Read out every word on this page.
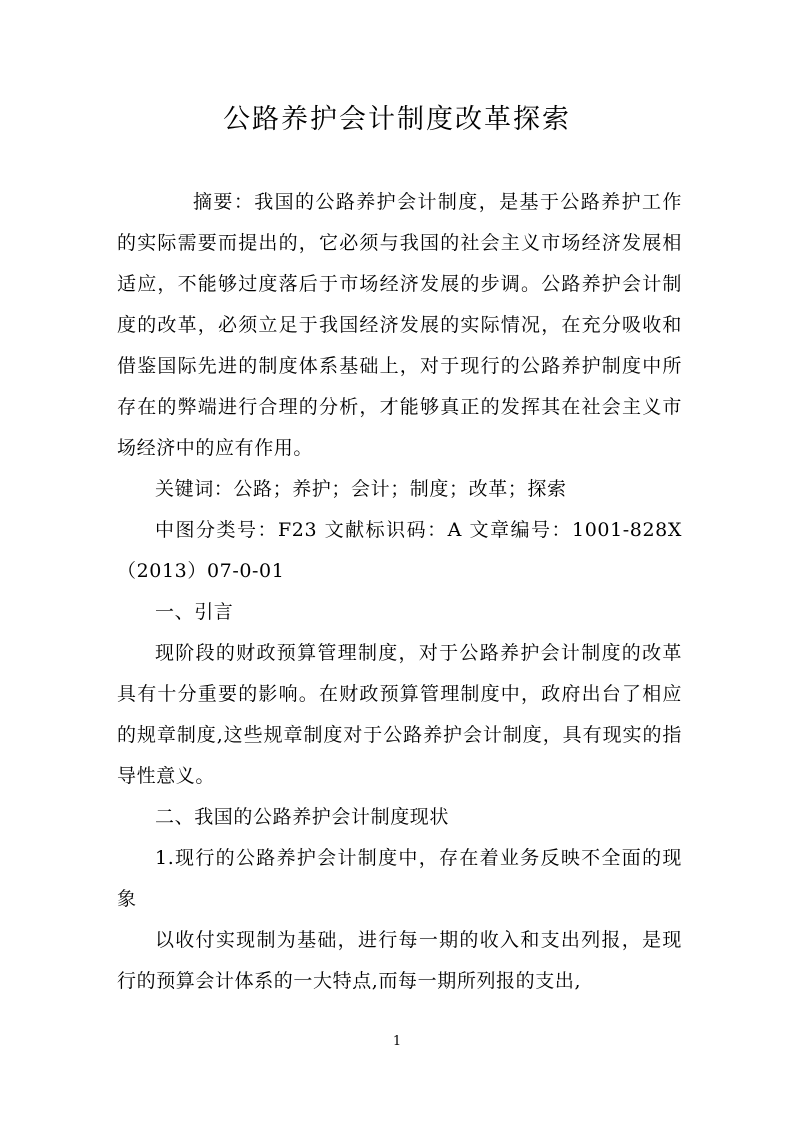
公路养护会计制度改革探索

摘要：我国的公路养护会计制度，是基于公路养护工作的实际需要而提出的，它必须与我国的社会主义市场经济发展相适应，不能够过度落后于市场经济发展的步调。公路养护会计制度的改革，必须立足于我国经济发展的实际情况，在充分吸收和借鉴国际先进的制度体系基础上，对于现行的公路养护制度中所存在的弊端进行合理的分析，才能够真正的发挥其在社会主义市场经济中的应有作用。

关键词：公路；养护；会计；制度；改革；探索

中图分类号：F23 文献标识码：A 文章编号：1001-828X（2013）07-0-01

一、引言

现阶段的财政预算管理制度，对于公路养护会计制度的改革具有十分重要的影响。在财政预算管理制度中，政府出台了相应的规章制度,这些规章制度对于公路养护会计制度，具有现实的指导性意义。

二、我国的公路养护会计制度现状

1.现行的公路养护会计制度中，存在着业务反映不全面的现象

以收付实现制为基础，进行每一期的收入和支出列报，是现行的预算会计体系的一大特点,而每一期所列报的支出,

1
